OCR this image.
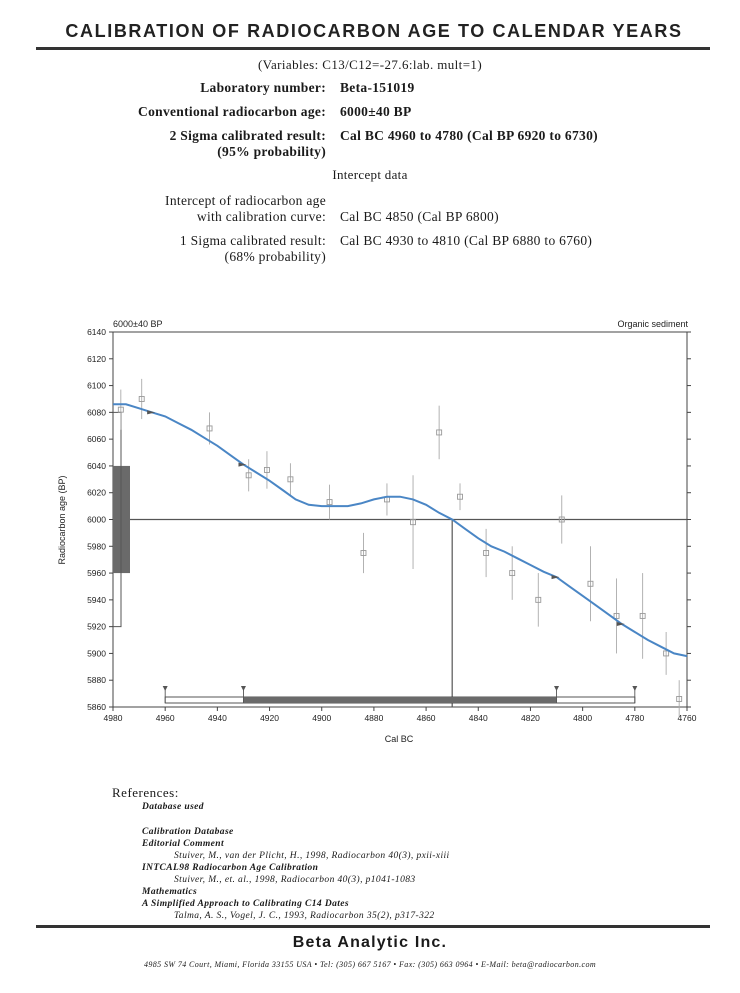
CALIBRATION OF RADIOCARBON AGE TO CALENDAR YEARS
(Variables: C13/C12=-27.6:lab. mult=1)
Laboratory number: Beta-151019
Conventional radiocarbon age: 6000±40 BP
2 Sigma calibrated result:
(95% probability)
Cal BC 4960 to 4780 (Cal BP 6920 to 6730)
Intercept data
Intercept of radiocarbon age
with calibration curve: Cal BC 4850 (Cal BP 6800)
1 Sigma calibrated result:
(68% probability)
Cal BC 4930 to 4810 (Cal BP 6880 to 6760)
6000±40 BP	Organic sediment
Cal BC
Radiocarbon age (BP)
5860
5880
5900
5920
5940
5960
5980
6000
6020
6040
6060
6080
6100
6120
6140
4980	4960	4940	4920	4900	4880	4860	4840	4820	4800	4780	4760
References:
Database used
Calibration Database
Editorial Comment
Stuiver, M., van der Plicht, H., 1998, Radiocarbon 40(3), pxii-xiii
INTCAL98 Radiocarbon Age Calibration
Stuiver, M., et. al., 1998, Radiocarbon 40(3), p1041-1083
Mathematics
A Simplified Approach to Calibrating C14 Dates
Talma, A. S., Vogel, J. C., 1993, Radiocarbon 35(2), p317-322
Beta Analytic Inc.
4985 SW 74 Court, Miami, Florida 33155 USA • Tel: (305) 667 5167 • Fax: (305) 663 0964 • E-Mail: beta@radiocarbon.com
